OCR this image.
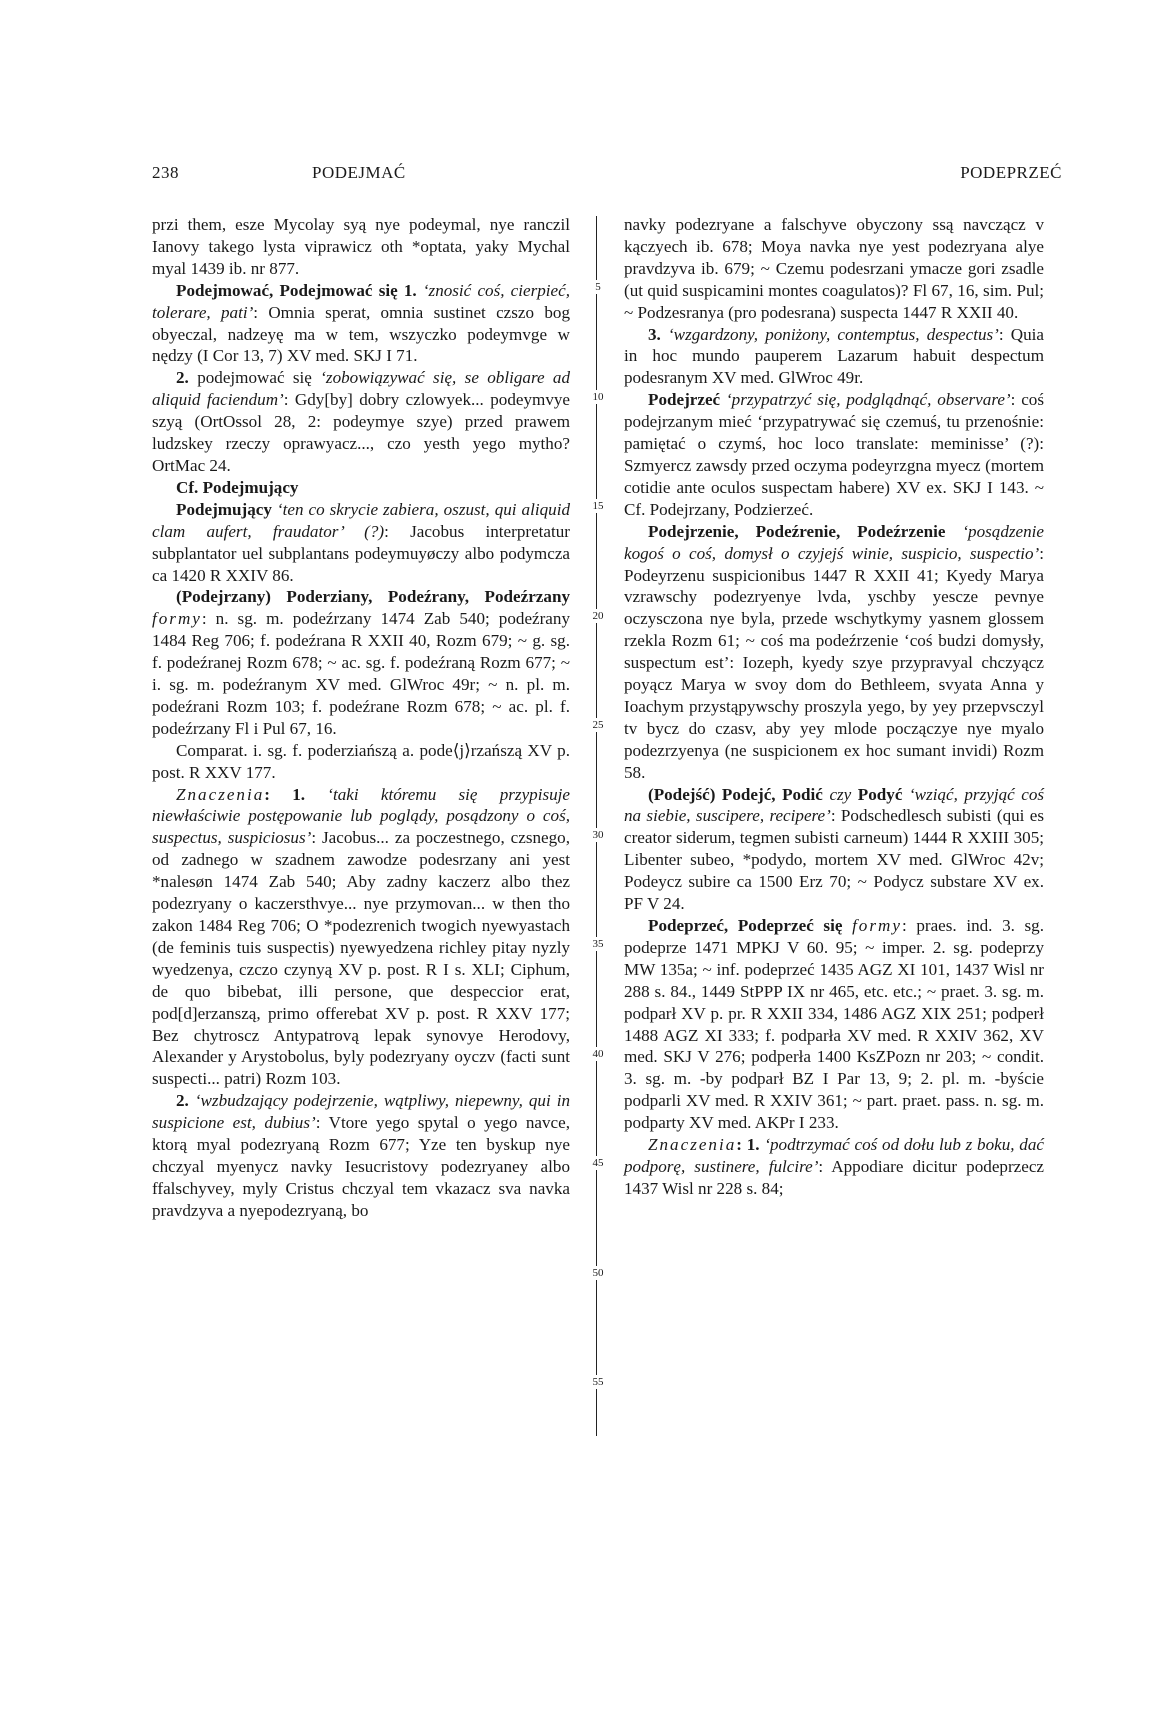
238	PODEJMAĆ	PODEPRZEĆ
5
10
15
20
25
30
35
40
45
50
55

przi them, esze Mycolay syą nye podeymal, nye ranczil Ianovy takego lysta viprawicz oth *optata, yaky Mychal myal 1439 ib. nr 877.

Podejmować, Podejmować się 1. ʻznosić coś, cierpieć, tolerare, pati’: Omnia sperat, omnia sustinet czszo bog obyeczal, nadzeyę ma w tem, wszyczko podeymvge w nędzy (I Cor 13, 7) XV med. SKJ I 71.

2. podejmować się ʻzobowiązywać się, se obligare ad aliquid faciendum’: Gdy[by] dobry czlowyek... podeymvye szyą (OrtOssol 28, 2: podeymye szye) przed prawem ludzskey rzeczy oprawyacz..., czo yesth yego mytho? OrtMac 24.

Cf. Podejmujący

Podejmujący ʻten co skrycie zabiera, oszust, qui aliquid clam aufert, fraudator’ (?): Jacobus interpretatur subplantator uel subplantans podeymuyøczy albo podymcza ca 1420 R XXIV 86.

(Podejrzany) Poderziany, Podeźrany, Podeźrzany formy: n. sg. m. podeźrzany 1474 Zab 540; podeźrany 1484 Reg 706; f. podeźrana R XXII 40, Rozm 679; ~ g. sg. f. podeźranej Rozm 678; ~ ac. sg. f. podeźraną Rozm 677; ~ i. sg. m. podeźranym XV med. GlWroc 49r; ~ n. pl. m. podeźrani Rozm 103; f. podeźrane Rozm 678; ~ ac. pl. f. podeźrzany Fl i Pul 67, 16.

Comparat. i. sg. f. poderziańszą a. pode⟨j⟩rzańszą XV p. post. R XXV 177.

Znaczenia: 1. ʻtaki któremu się przypisuje niewłaściwie postępowanie lub poglądy, posądzony o coś, suspectus, suspiciosus’: Jacobus... za poczestnego, czsnego, od zadnego w szadnem zawodze podesrzany ani yest *nalesøn 1474 Zab 540; Aby zadny kaczerz albo thez podezryany o kaczersthvye... nye przymovan... w then tho zakon 1484 Reg 706; O *podezrenich twogich nyewyastach (de feminis tuis suspectis) nyewyedzena richley pitay nyzly wyedzenya, czczo czynyą XV p. post. R I s. XLI; Ciphum, de quo bibebat, illi persone, que despeccior erat, pod[d]erzanszą, primo offerebat XV p. post. R XXV 177; Bez chytroscz Antypatrovą lepak synovye Herodovy, Alexander y Arystobolus, byly podezryany oyczv (facti sunt suspecti... patri) Rozm 103.

2. ʻwzbudzający podejrzenie, wątpliwy, niepewny, qui in suspicione est, dubius’: Vtore yego spytal o yego navce, ktorą myal podezryaną Rozm 677; Yze ten byskup nye chczyal myenycz navky Iesucristovy podezryaney albo ffalschyvey, myly Cristus chczyal tem vkazacz sva navka pravdzyva a nyepodezryaną, bo

navky podezryane a falschyve obyczony ssą navczącz v kączyech ib. 678; Moya navka nye yest podezryana alye pravdzyva ib. 679; ~ Czemu podesrzani ymacze gori zsadle (ut quid suspicamini montes coagulatos)? Fl 67, 16, sim. Pul; ~ Podzesranya (pro podesrana) suspecta 1447 R XXII 40.

3. ʻwzgardzony, poniżony, contemptus, despectus’: Quia in hoc mundo pauperem Lazarum habuit despectum podesranym XV med. GlWroc 49r.

Podejrzeć ʻprzypatrzyć się, podglądnąć, observare’: coś podejrzanym mieć ʻprzypatrywać się czemuś, tu przenośnie: pamiętać o czymś, hoc loco translate: meminisse’ (?): Szmyercz zawsdy przed oczyma podeyrzgna myecz (mortem cotidie ante oculos suspectam habere) XV ex. SKJ I 143. ~ Cf. Podejrzany, Podzierzeć.

Podejrzenie, Podeźrenie, Podeźrzenie ʻposądzenie kogoś o coś, domysł o czyjejś winie, suspicio, suspectio’: Podeyrzenu suspicionibus 1447 R XXII 41; Kyedy Marya vzrawschy podezryenye lvda, yschby yescze pevnye oczysczona nye byla, przede wschytkymy yasnem glossem rzekla Rozm 61; ~ coś ma podeźrzenie ʻcoś budzi domysły, suspectum est’: Iozeph, kyedy szye przypravyal chczyącz poyącz Marya w svoy dom do Bethleem, svyata Anna y Ioachym przystąpywschy proszyla yego, by yey przepvsczyl tv bycz do czasv, aby yey mlode począczye nye myalo podezrzyenya (ne suspicionem ex hoc sumant invidi) Rozm 58.

(Podejść) Podejć, Podić czy Podyć ʻwziąć, przyjąć coś na siebie, suscipere, recipere’: Podschedlesch subisti (qui es creator siderum, tegmen subisti carneum) 1444 R XXIII 305; Libenter subeo, *podydo, mortem XV med. GlWroc 42v; Podeycz subire ca 1500 Erz 70; ~ Podycz substare XV ex. PF V 24.

Podeprzeć, Podeprzeć się formy: praes. ind. 3. sg. podeprze 1471 MPKJ V 60. 95; ~ imper. 2. sg. podeprzy MW 135a; ~ inf. podeprzeć 1435 AGZ XI 101, 1437 Wisl nr 288 s. 84., 1449 StPPP IX nr 465, etc. etc.; ~ praet. 3. sg. m. podparł XV p. pr. R XXII 334, 1486 AGZ XIX 251; podperł 1488 AGZ XI 333; f. podparła XV med. R XXIV 362, XV med. SKJ V 276; podperła 1400 KsZPozn nr 203; ~ condit. 3. sg. m. -by podparł BZ I Par 13, 9; 2. pl. m. -byście podparli XV med. R XXIV 361; ~ part. praet. pass. n. sg. m. podparty XV med. AKPr I 233.

Znaczenia: 1. ʻpodtrzymać coś od dołu lub z boku, dać podporę, sustinere, fulcire’: Appodiare dicitur podeprzecz 1437 Wisl nr 228 s. 84;
